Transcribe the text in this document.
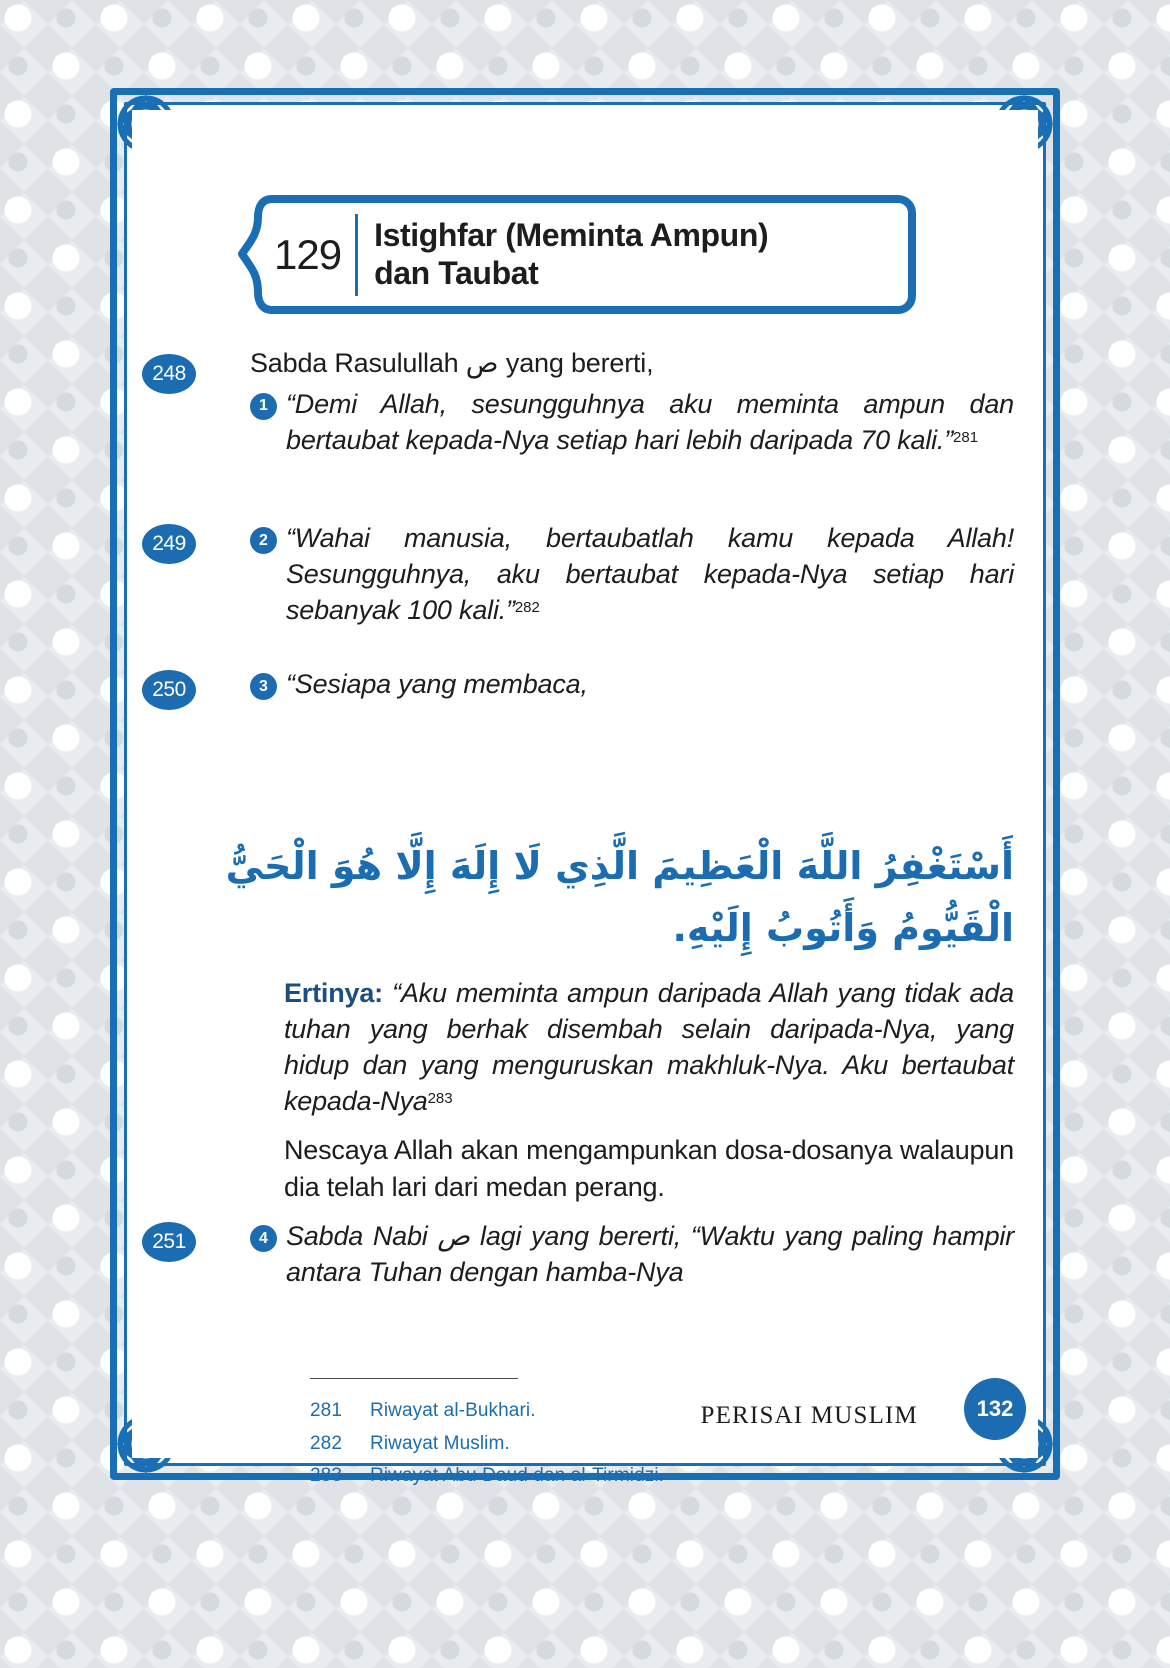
129	Istighfar (Meminta Ampun)
dan Taubat
248	Sabda Rasulullah ص yang bererti,
1 “Demi Allah, sesungguhnya aku meminta ampun dan bertaubat kepada-Nya setiap hari lebih daripada 70 kali.”$^{281}$
249	2 “Wahai manusia, bertaubatlah kamu kepada Allah! Sesungguhnya, aku bertaubat kepada-Nya setiap hari sebanyak 100 kali.”$^{282}$
250	3 “Sesiapa yang membaca,
أَسْتَغْفِرُ اللَّهَ الْعَظِيمَ الَّذِي لَا إِلَهَ إِلَّا هُوَ الْحَيُّ
الْقَيُّومُ وَأَتُوبُ إِلَيْهِ.
Ertinya: “Aku meminta ampun daripada Allah yang tidak ada tuhan yang berhak disembah selain daripada-Nya, yang hidup dan yang menguruskan makhluk-Nya. Aku bertaubat kepada-Nya$^{283}$
Nescaya Allah akan mengampunkan dosa-dosanya walaupun dia telah lari dari medan perang.
251	4 Sabda Nabi ص lagi yang bererti, “Waktu yang paling hampir antara Tuhan dengan hamba-Nya
281	Riwayat al-Bukhari.
282	Riwayat Muslim.
283	Riwayat Abu Daud dan al-Tirmidzi.
PERISAI MUSLIM	132
